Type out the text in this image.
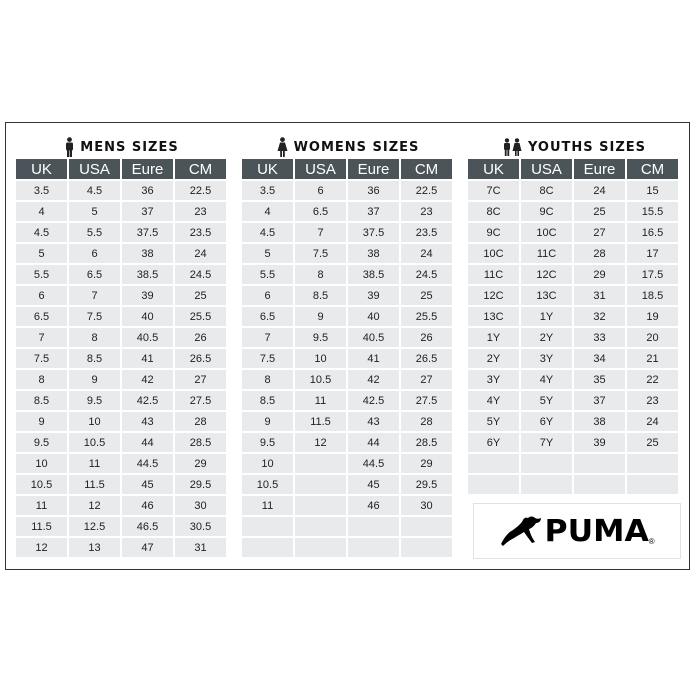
MENS SIZES
UK	USA	Eure	CM
3.5	4.5	36	22.5
4	5	37	23
4.5	5.5	37.5	23.5
5	6	38	24
5.5	6.5	38.5	24.5
6	7	39	25
6.5	7.5	40	25.5
7	8	40.5	26
7.5	8.5	41	26.5
8	9	42	27
8.5	9.5	42.5	27.5
9	10	43	28
9.5	10.5	44	28.5
10	11	44.5	29
10.5	11.5	45	29.5
11	12	46	30
11.5	12.5	46.5	30.5
12	13	47	31
WOMENS SIZES
UK	USA	Eure	CM
3.5	6	36	22.5
4	6.5	37	23
4.5	7	37.5	23.5
5	7.5	38	24
5.5	8	38.5	24.5
6	8.5	39	25
6.5	9	40	25.5
7	9.5	40.5	26
7.5	10	41	26.5
8	10.5	42	27
8.5	11	42.5	27.5
9	11.5	43	28
9.5	12	44	28.5
10		44.5	29
10.5		45	29.5
11		46	30

YOUTHS SIZES
UK	USA	Eure	CM
7C	8C	24	15
8C	9C	25	15.5
9C	10C	27	16.5
10C	11C	28	17
11C	12C	29	17.5
12C	13C	31	18.5
13C	1Y	32	19
1Y	2Y	33	20
2Y	3Y	34	21
3Y	4Y	35	22
4Y	5Y	37	23
5Y	6Y	38	24
6Y	7Y	39	25

PUMA ®
